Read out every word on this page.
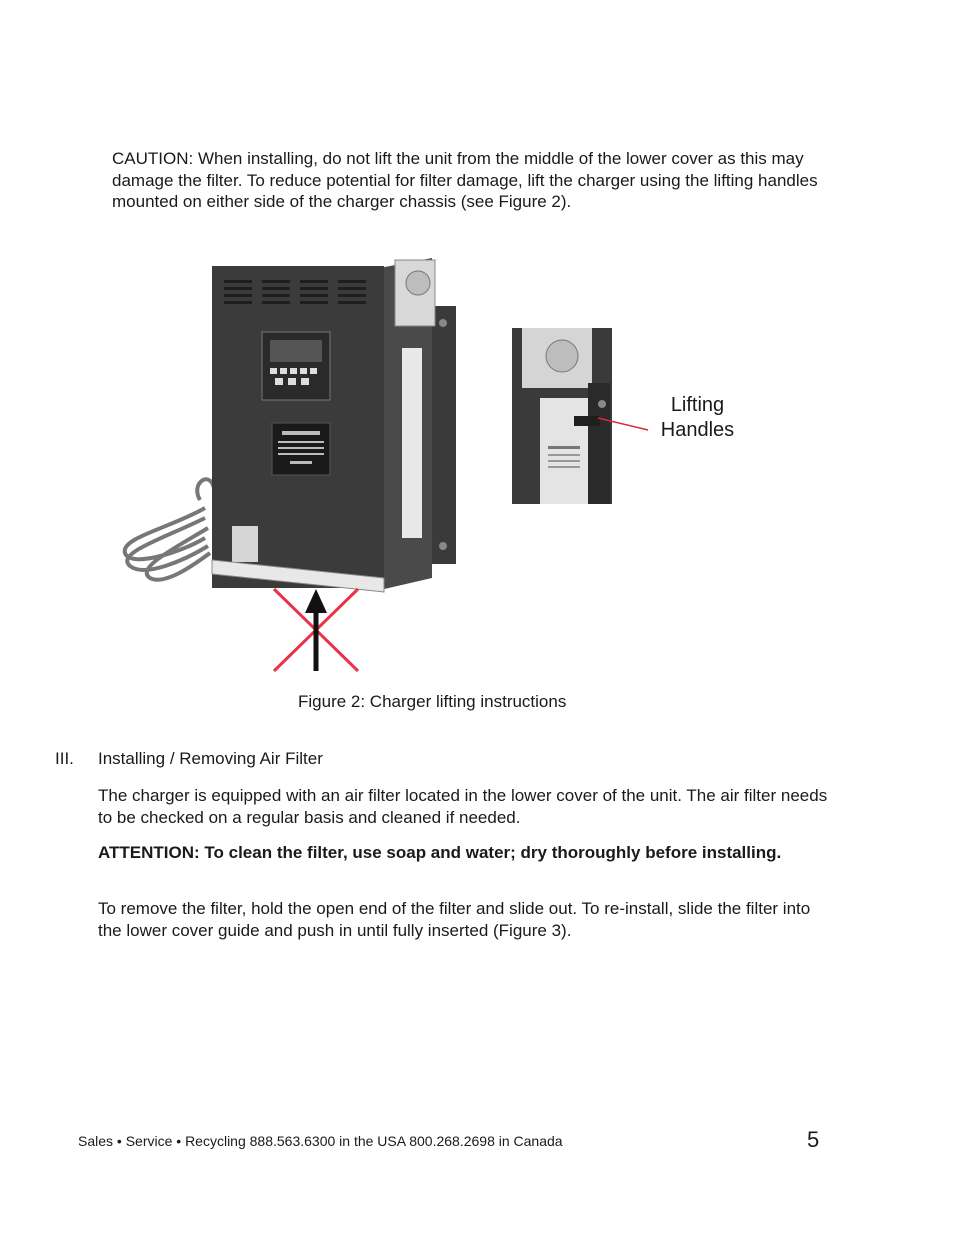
CAUTION: When installing, do not lift the unit from the middle of the lower cover as this may damage the filter. To reduce potential for filter damage, lift the charger using the lifting handles mounted on either side of the charger chassis (see Figure 2).
Lifting
Handles
Figure 2: Charger lifting instructions
III. Installing / Removing Air Filter

The charger is equipped with an air filter located in the lower cover of the unit. The air filter needs to be checked on a regular basis and cleaned if needed.

ATTENTION: To clean the filter, use soap and water; dry thoroughly before installing.

To remove the filter, hold the open end of the filter and slide out. To re-install, slide the filter into the lower cover guide and push in until fully inserted (Figure 3).

Sales • Service • Recycling 888.563.6300 in the USA 800.268.2698 in Canada	5
